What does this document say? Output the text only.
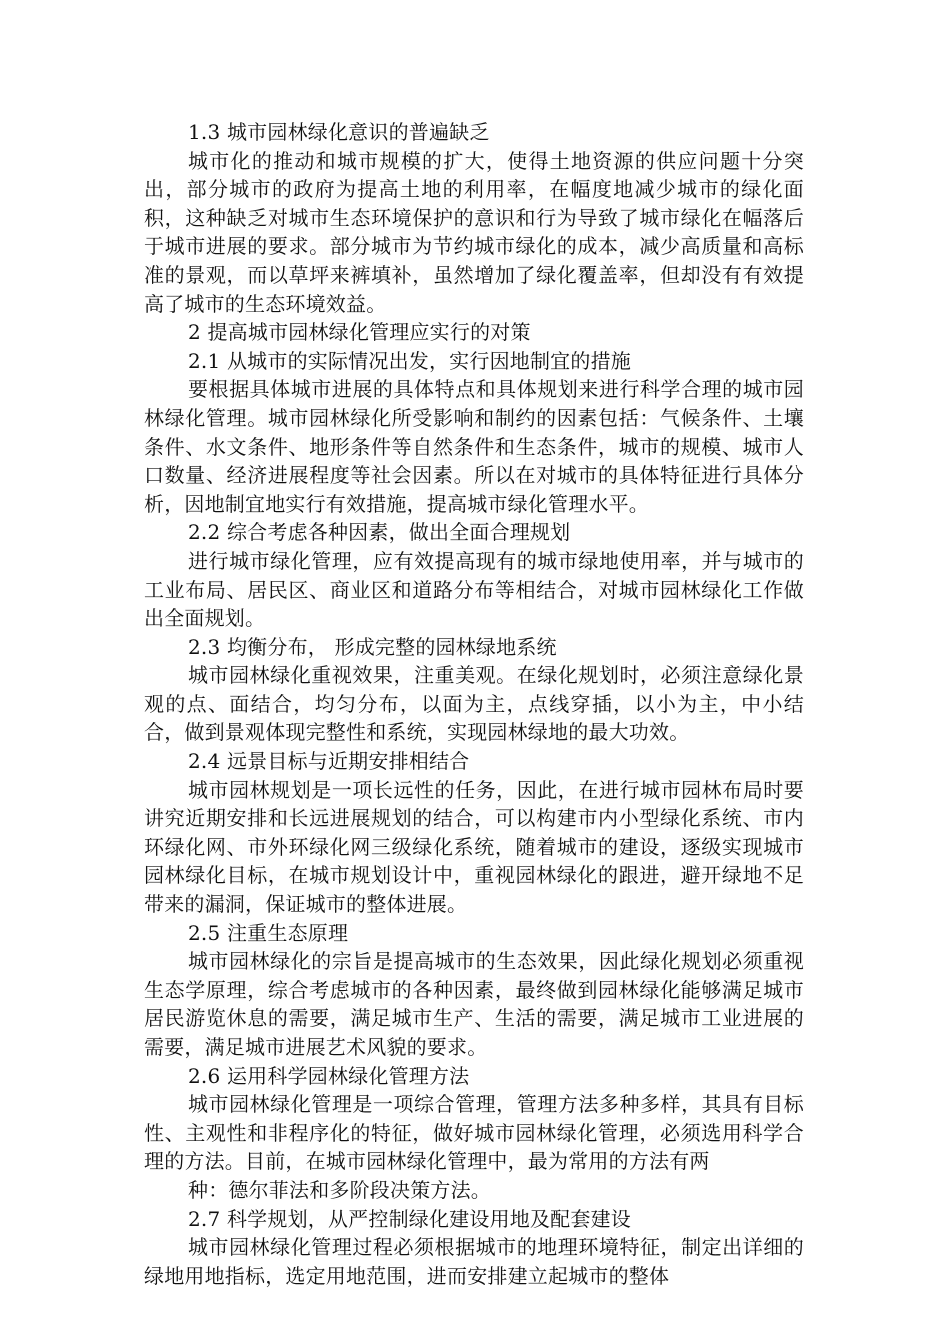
1.3 城市园林绿化意识的普遍缺乏

城市化的推动和城市规模的扩大，使得土地资源的供应问题十分突出，部分城市的政府为提高土地的利用率，在幅度地减少城市的绿化面积，这种缺乏对城市生态环境保护的意识和行为导致了城市绿化在幅落后于城市进展的要求。部分城市为节约城市绿化的成本，减少高质量和高标准的景观，而以草坪来裤填补，虽然增加了绿化覆盖率，但却没有有效提高了城市的生态环境效益。

2 提高城市园林绿化管理应实行的对策

2.1 从城市的实际情况出发，实行因地制宜的措施

要根据具体城市进展的具体特点和具体规划来进行科学合理的城市园林绿化管理。城市园林绿化所受影响和制约的因素包括：气候条件、土壤条件、水文条件、地形条件等自然条件和生态条件，城市的规模、城市人口数量、经济进展程度等社会因素。所以在对城市的具体特征进行具体分析，因地制宜地实行有效措施，提高城市绿化管理水平。

2.2 综合考虑各种因素，做出全面合理规划

进行城市绿化管理，应有效提高现有的城市绿地使用率，并与城市的工业布局、居民区、商业区和道路分布等相结合，对城市园林绿化工作做出全面规划。

2.3 均衡分布， 形成完整的园林绿地系统

城市园林绿化重视效果，注重美观。在绿化规划时，必须注意绿化景观的点、面结合，均匀分布，以面为主，点线穿插，以小为主，中小结合，做到景观体现完整性和系统，实现园林绿地的最大功效。

2.4 远景目标与近期安排相结合

城市园林规划是一项长远性的任务，因此，在进行城市园林布局时要讲究近期安排和长远进展规划的结合，可以构建市内小型绿化系统、市内环绿化网、市外环绿化网三级绿化系统，随着城市的建设，逐级实现城市园林绿化目标，在城市规划设计中，重视园林绿化的跟进，避开绿地不足带来的漏洞，保证城市的整体进展。

2.5 注重生态原理

城市园林绿化的宗旨是提高城市的生态效果，因此绿化规划必须重视生态学原理，综合考虑城市的各种因素，最终做到园林绿化能够满足城市居民游览休息的需要，满足城市生产、生活的需要，满足城市工业进展的需要，满足城市进展艺术风貌的要求。

2.6 运用科学园林绿化管理方法

城市园林绿化管理是一项综合管理，管理方法多种多样，其具有目标性、主观性和非程序化的特征，做好城市园林绿化管理，必须选用科学合理的方法。目前，在城市园林绿化管理中，最为常用的方法有两

种：德尔菲法和多阶段决策方法。

2.7 科学规划，从严控制绿化建设用地及配套建设

城市园林绿化管理过程必须根据城市的地理环境特征，制定出详细的绿地用地指标，选定用地范围，进而安排建立起城市的整体
